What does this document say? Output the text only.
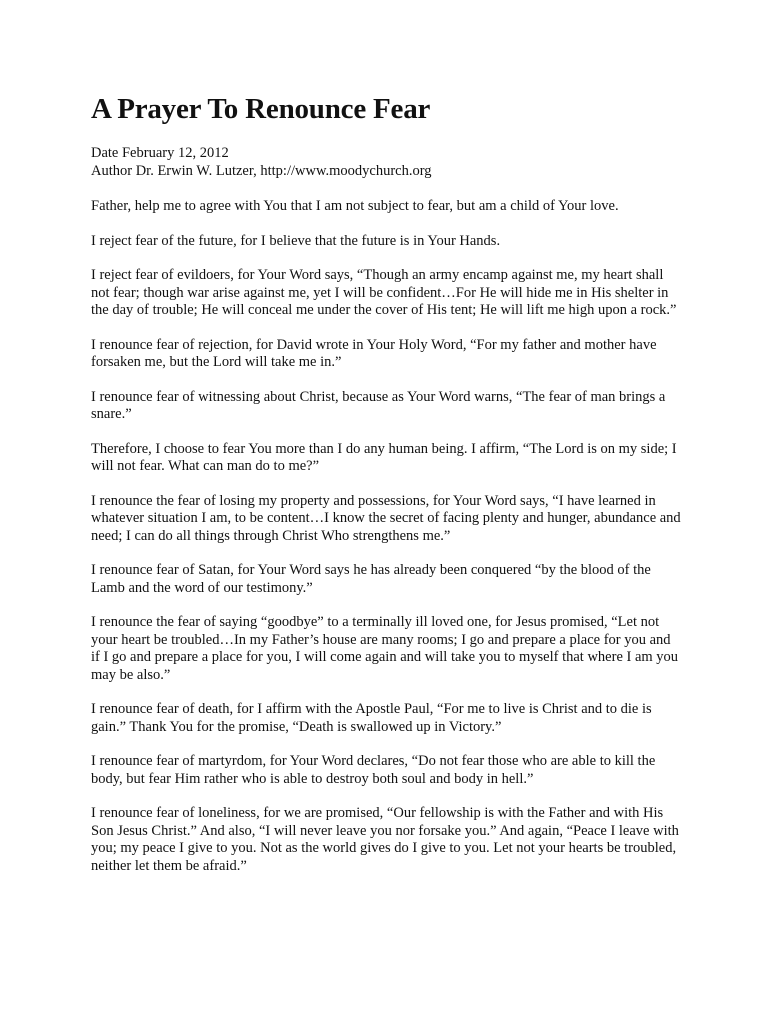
A Prayer To Renounce Fear
Date February 12, 2012
Author Dr. Erwin W. Lutzer, http://www.moodychurch.org

Father, help me to agree with You that I am not subject to fear, but am a child of Your love.

I reject fear of the future, for I believe that the future is in Your Hands.

I reject fear of evildoers, for Your Word says, “Though an army encamp against me, my heart shall not fear; though war arise against me, yet I will be confident…For He will hide me in His shelter in the day of trouble; He will conceal me under the cover of His tent; He will lift me high upon a rock.”

I renounce fear of rejection, for David wrote in Your Holy Word, “For my father and mother have forsaken me, but the Lord will take me in.”

I renounce fear of witnessing about Christ, because as Your Word warns, “The fear of man brings a snare.”

Therefore, I choose to fear You more than I do any human being. I affirm, “The Lord is on my side; I will not fear. What can man do to me?”

I renounce the fear of losing my property and possessions, for Your Word says, “I have learned in whatever situation I am, to be content…I know the secret of facing plenty and hunger, abundance and need; I can do all things through Christ Who strengthens me.”

I renounce fear of Satan, for Your Word says he has already been conquered “by the blood of the Lamb and the word of our testimony.”

I renounce the fear of saying “goodbye” to a terminally ill loved one, for Jesus promised, “Let not your heart be troubled…In my Father’s house are many rooms; I go and prepare a place for you and if I go and prepare a place for you, I will come again and will take you to myself that where I am you may be also.”

I renounce fear of death, for I affirm with the Apostle Paul, “For me to live is Christ and to die is gain.” Thank You for the promise, “Death is swallowed up in Victory.”

I renounce fear of martyrdom, for Your Word declares, “Do not fear those who are able to kill the body, but fear Him rather who is able to destroy both soul and body in hell.”

I renounce fear of loneliness, for we are promised, “Our fellowship is with the Father and with His Son Jesus Christ.” And also, “I will never leave you nor forsake you.” And again, “Peace I leave with you; my peace I give to you. Not as the world gives do I give to you. Let not your hearts be troubled, neither let them be afraid.”
